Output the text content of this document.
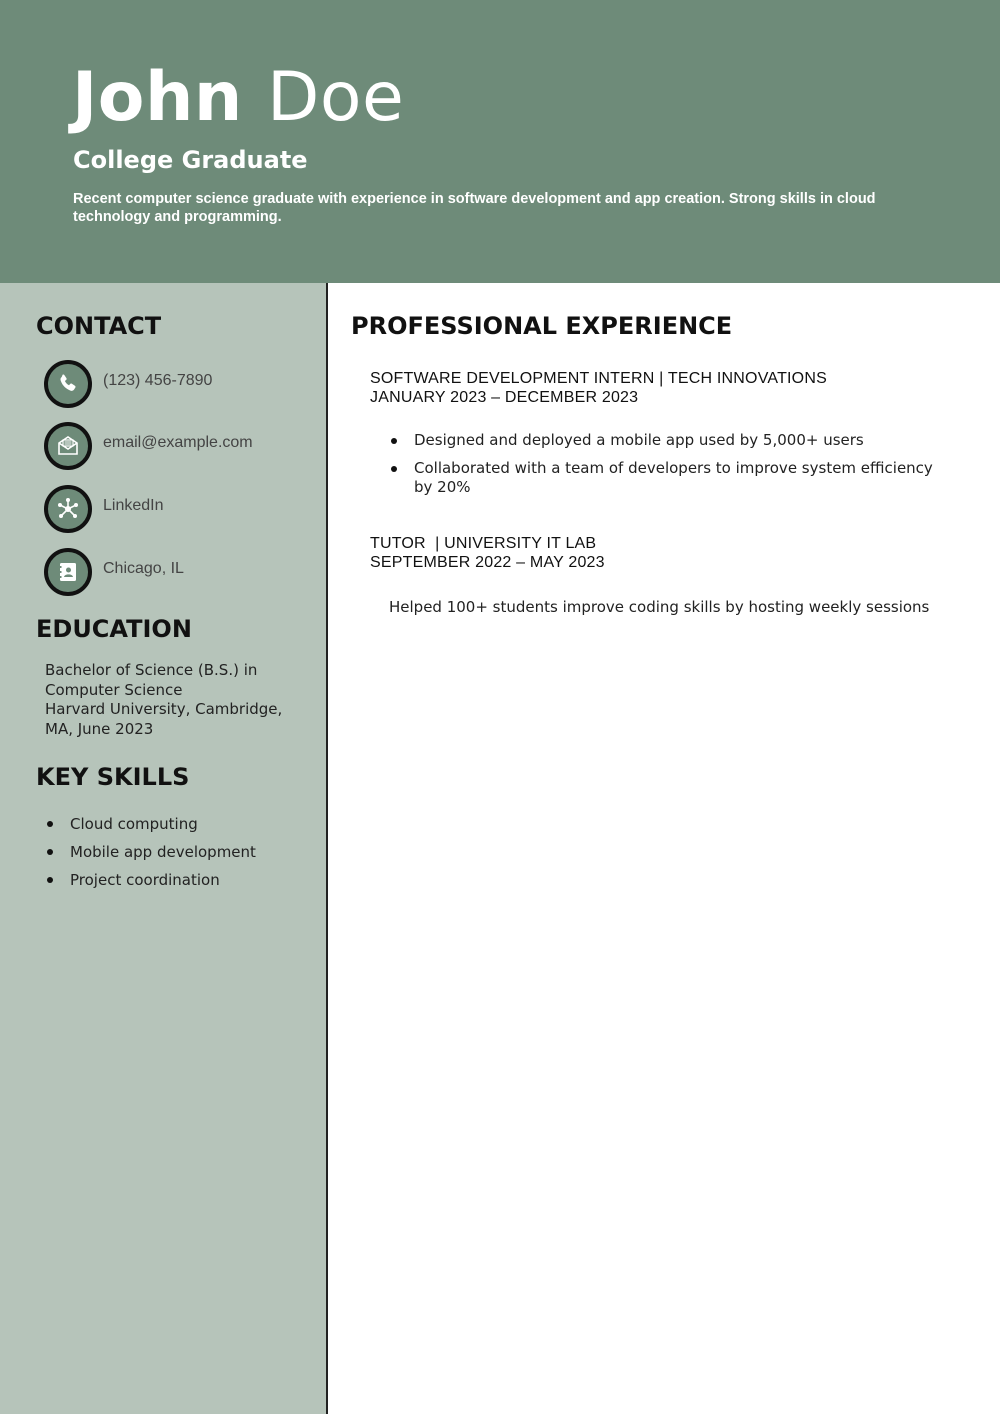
John Doe
College Graduate

Recent computer science graduate with experience in software development and app creation. Strong skills in cloud technology and programming.

CONTACT
(123) 456-7890
email@example.com
LinkedIn
Chicago, IL
EDUCATION
Bachelor of Science (B.S.) in Computer Science
Harvard University, Cambridge, MA, June 2023
KEY SKILLS
Cloud computing
Mobile app development
Project coordination
PROFESSIONAL EXPERIENCE

SOFTWARE DEVELOPMENT INTERN | TECH INNOVATIONS

JANUARY 2023 – DECEMBER 2023

Designed and deployed a mobile app used by 5,000+ users
Collaborated with a team of developers to improve system efficiency by 20%

TUTOR  | UNIVERSITY IT LAB

SEPTEMBER 2022 – MAY 2023

Helped 100+ students improve coding skills by hosting weekly sessions
